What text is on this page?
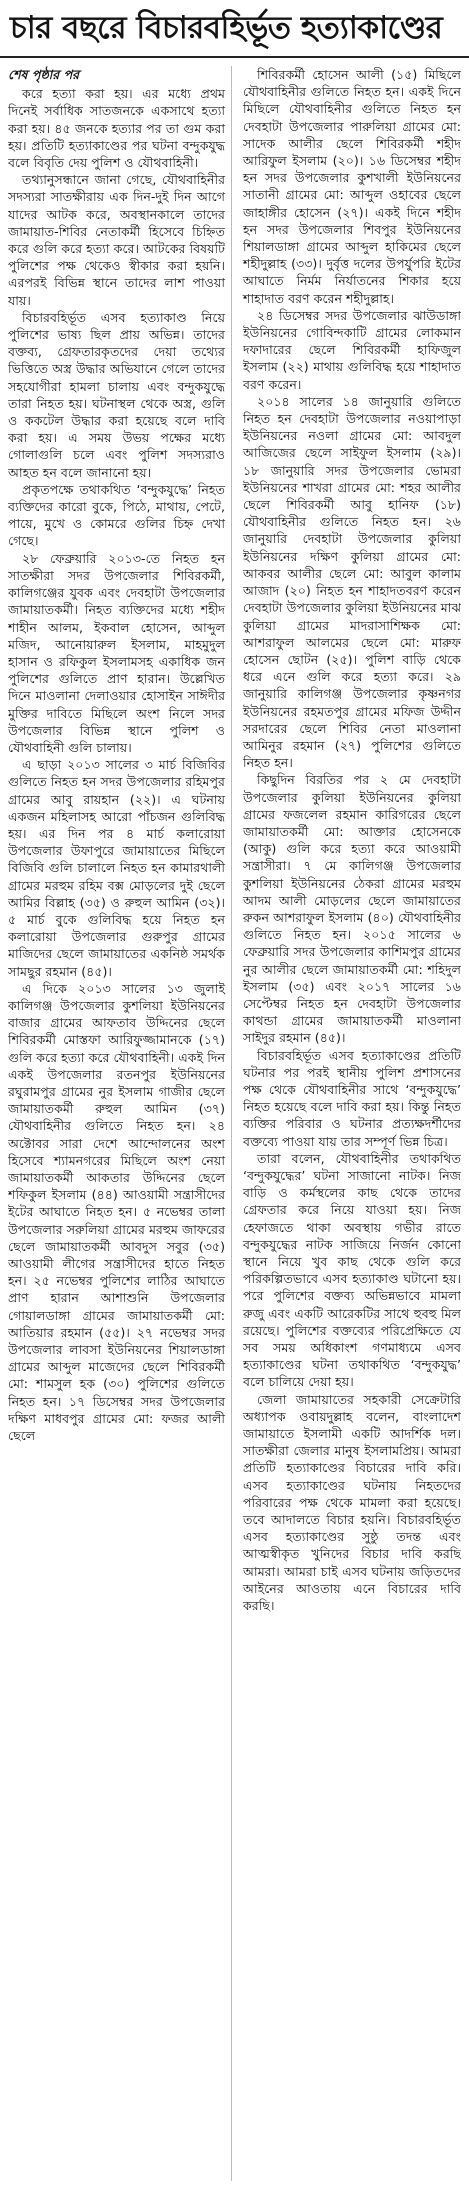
চার বছরে বিচারবহির্ভূত হত্যাকাণ্ডের
শেষ পৃষ্ঠার পর

করে হত্যা করা হয়। এর মধ্যে প্রথম দিনেই সর্বাধিক সাতজনকে একসাথে হত্যা করা হয়। ৪৫ জনকে হত্যার পর তা গুম করা হয়। প্রতিটি হত্যাকাণ্ডের পর ঘটনা বন্দুকযুদ্ধ বলে বিবৃতি দেয় পুলিশ ও যৌথবাহিনী।

তথ্যানুসন্ধানে জানা গেছে, যৌথবাহিনীর সদস্যরা সাতক্ষীরায় এক দিন-দুই দিন আগে যাদের আটক করে, অবস্থানকালে তাদের জামায়াত-শিবির নেতাকর্মী হিসেবে চিহ্নিত করে গুলি করে হত্যা করে। আটকের বিষয়টি পুলিশের পক্ষ থেকেও স্বীকার করা হয়নি। এরপরই বিভিন্ন স্থানে তাদের লাশ পাওয়া যায়।

বিচারবহির্ভূত এসব হত্যাকাণ্ড নিয়ে পুলিশের ভাষ্য ছিল প্রায় অভিন্ন। তাদের বক্তব্য, গ্রেফতারকৃতদের দেয়া তথ্যের ভিত্তিতে অস্ত্র উদ্ধার অভিযানে গেলে তাদের সহযোগীরা হামলা চালায় এবং বন্দুকযুদ্ধে তারা নিহত হয়। ঘটনাস্থল থেকে অস্ত্র, গুলি ও ককটেল উদ্ধার করা হয়েছে বলে দাবি করা হয়। এ সময় উভয় পক্ষের মধ্যে গোলাগুলি চলে এবং পুলিশ সদস্যরাও আহত হন বলে জানানো হয়।

প্রকৃতপক্ষে তথাকথিত ‘বন্দুকযুদ্ধে’ নিহত ব্যক্তিদের কারো বুকে, পিঠে, মাথায়, পেটে, পায়ে, মুখে ও কোমরে গুলির চিহ্ন দেখা গেছে।

২৮ ফেব্রুয়ারি ২০১৩-তে নিহত হন সাতক্ষীরা সদর উপজেলার শিবিরকর্মী, কালিগঞ্জের যুবক এবং দেবহাটা উপজেলার জামায়াতকর্মী। নিহত ব্যক্তিদের মধ্যে শহীদ শাহীন আলম, ইকবাল হোসেন, আব্দুল মজিদ, আনোয়ারুল ইসলাম, মাহমুদুল হাসান ও রফিকুল ইসলামসহ একাধিক জন পুলিশের গুলিতে প্রাণ হারান। উল্লেখিত দিনে মাওলানা দেলাওয়ার হোসাইন সাঈদীর মুক্তির দাবিতে মিছিলে অংশ নিলে সদর উপজেলার বিভিন্ন স্থানে পুলিশ ও যৌথবাহিনী গুলি চালায়।

এ ছাড়া ২০১৩ সালের ৩ মার্চ বিজিবির গুলিতে নিহত হন সদর উপজেলার রহিমপুর গ্রামের আবু রায়হান (২২)। এ ঘটনায় একজন মহিলাসহ আরো পাঁচজন গুলিবিদ্ধ হয়। এর দিন পর ৪ মার্চ কলারোয়া উপজেলার উফাপুরে জামায়াতের মিছিলে বিজিবি গুলি চালালে নিহত হন কামারথালী গ্রামের মরহুম রহিম বক্স মোড়লের দুই ছেলে আমির বিল্লাহ (৩৫) ও রুহুল আমিন (৩২)। ৫ মার্চ বুকে গুলিবিদ্ধ হয়ে নিহত হন কলারোয়া উপজেলার গুরুপুর গ্রামের মাজিদের ছেলে জামায়াতের একনিষ্ঠ সমর্থক সামছুর রহমান (৪৫)।

এ দিকে ২০১৩ সালের ১৩ জুলাই কালিগঞ্জ উপজেলার কুশলিয়া ইউনিয়নের বাজার গ্রামের আফতাব উদ্দিনের ছেলে শিবিরকর্মী মোস্তফা আরিফুজ্জামানকে (১৭) গুলি করে হত্যা করে যৌথবাহিনী। একই দিন একই উপজেলার রতনপুর ইউনিয়নের রঘুরামপুর গ্রামের নুর ইসলাম গাজীর ছেলে জামায়াতকর্মী রুহুল আমিন (৩৭) যৌথবাহিনীর গুলিতে নিহত হন। ২৪ অক্টোবর সারা দেশে আন্দোলনের অংশ হিসেবে শ্যামনগরের মিছিলে অংশ নেয়া জামায়াতকর্মী আকতার উদ্দিনের ছেলে শফিকুল ইসলাম (৪৪) আওয়ামী সন্ত্রাসীদের ইটের আঘাতে নিহত হন। ৫ নভেম্বর তালা উপজেলার সরুলিয়া গ্রামের মরহুম জাফরের ছেলে জামায়াতকর্মী আবদুস সবুর (৩৫) আওয়ামী লীগের সন্ত্রাসীদের হাতে নিহত হন। ২৫ নভেম্বর পুলিশের লাঠির আঘাতে প্রাণ হারান আশাশুনি উপজেলার গোয়ালডাঙ্গা গ্রামের জামায়াতকর্মী মো: আতিয়ার রহমান (৫৫)। ২৭ নভেম্বর সদর উপজেলার লাবসা ইউনিয়নের শিয়ালডাঙ্গা গ্রামের আব্দুল মাজেদের ছেলে শিবিরকর্মী মো: শামসুল হক (৩০) পুলিশের গুলিতে নিহত হন। ১৭ ডিসেম্বর সদর উপজেলার দক্ষিণ মাধবপুর গ্রামের মো: ফজর আলী ছেলে

শিবিরকর্মী হোসেন আলী (১৫) মিছিলে যৌথবাহিনীর গুলিতে নিহত হন। একই দিনে মিছিলে যৌথবাহিনীর গুলিতে নিহত হন দেবহাটা উপজেলার পারুলিয়া গ্রামের মো: সাদেক আলীর ছেলে শিবিরকর্মী শহীদ আরিফুল ইসলাম (২০)। ১৬ ডিসেম্বর শহীদ হন সদর উপজেলার কুশখালী ইউনিয়নের সাতানী গ্রামের মো: আব্দুল ওহাবের ছেলে জাহাঙ্গীর হোসেন (২৭)। একই দিনে শহীদ হন সদর উপজেলার শিবপুর ইউনিয়নের শিয়ালডাঙ্গা গ্রামের আব্দুল হাকিমের ছেলে শহীদুল্লাহ (৩৩)। দুর্বৃত্ত দলের উপর্যুপরি ইটের আঘাতে নির্মম নির্যাতনের শিকার হয়ে শাহাদাত বরণ করেন শহীদুল্লাহ।

২৪ ডিসেম্বর সদর উপজেলার ঝাউডাঙ্গা ইউনিয়নের গোবিন্দকাটি গ্রামের লোকমান দফাদারের ছেলে শিবিরকর্মী হাফিজুল ইসলাম (২২) মাথায় গুলিবিদ্ধ হয়ে শাহাদাত বরণ করেন।

২০১৪ সালের ১৪ জানুয়ারি গুলিতে নিহত হন দেবহাটা উপজেলার নওয়াপাড়া ইউনিয়নের নওলা গ্রামের মো: আবদুল আজিজের ছেলে সাইফুল ইসলাম (২৯)। ১৮ জানুয়ারি সদর উপজেলার ভোমরা ইউনিয়নের শাখরা গ্রামের মো: শহর আলীর ছেলে শিবিরকর্মী আবু হানিফ (১৮) যৌথবাহিনীর গুলিতে নিহত হন। ২৬ জানুয়ারি দেবহাটা উপজেলার কুলিয়া ইউনিয়নের দক্ষিণ কুলিয়া গ্রামের মো: আকবর আলীর ছেলে মো: আবুল কালাম আজাদ (২০) নিহত হন শাহাদতবরণ করেন দেবহাটা উপজেলার কুলিয়া ইউনিয়নের মাঝ কুলিয়া গ্রামের মাদরাসাশিক্ষক মো: আশরাফুল আলমের ছেলে মো: মারুফ হোসেন ছোটন (২৫)। পুলিশ বাড়ি থেকে ধরে এনে গুলি করে হত্যা করে। ২৯ জানুয়ারি কালিগঞ্জ উপজেলার কৃষ্ণনগর ইউনিয়নের রহমতপুর গ্রামের মফিজ উদ্দীন সরদারের ছেলে শিবির নেতা মাওলানা আমিনুর রহমান (২৭) পুলিশের গুলিতে নিহত হন।

কিছুদিন বিরতির পর ২ মে দেবহাটা উপজেলার কুলিয়া ইউনিয়নের কুলিয়া গ্রামের ফজলেল রহমান কারিগরের ছেলে জামায়াতকর্মী মো: আক্তার হোসেনকে (আকু) গুলি করে হত্যা করে আওয়ামী সন্ত্রাসীরা। ৭ মে কালিগঞ্জ উপজেলার কুশলিয়া ইউনিয়নের ঠেকরা গ্রামের মরহুম আদম আলী মোড়লের ছেলে জামায়াতের রুকন আশরাফুল ইসলাম (৪০) যৌথবাহিনীর গুলিতে নিহত হন। ২০১৫ সালের ৬ ফেব্রুয়ারি সদর উপজেলার কাশিমপুর গ্রামের নুর আলীর ছেলে জামায়াতকর্মী মো: শহিদুল ইসলাম (৩৫) এবং ২০১৭ সালের ১৬ সেপ্টেম্বর নিহত হন দেবহাটা উপজেলার কাথন্ডা গ্রামের জামায়াতকর্মী মাওলানা সাইদুর রহমান (৪৫)।

বিচারবহির্ভূত এসব হত্যাকাণ্ডের প্রতিটি ঘটনার পর পরই স্থানীয় পুলিশ প্রশাসনের পক্ষ থেকে যৌথবাহিনীর সাথে ‘বন্দুকযুদ্ধে’ নিহত হয়েছে বলে দাবি করা হয়। কিন্তু নিহত ব্যক্তির পরিবার ও ঘটনার প্রত্যক্ষদর্শীদের বক্তব্যে পাওয়া যায় তার সম্পূর্ণ ভিন্ন চিত্র।

তারা বলেন, যৌথবাহিনীর তথাকথিত ‘বন্দুকযুদ্ধের’ ঘটনা সাজানো নাটক। নিজ বাড়ি ও কর্মস্থলের কাছ থেকে তাদের গ্রেফতার করে নিয়ে যাওয়া হয়। নিজ হেফাজতে থাকা অবস্থায় গভীর রাতে বন্দুকযুদ্ধের নাটক সাজিয়ে নির্জন কোনো স্থানে নিয়ে খুব কাছ থেকে গুলি করে পরিকল্পিতভাবে এসব হত্যাকাণ্ড ঘটানো হয়। পরে পুলিশের বক্তব্য অভিন্নভাবে মামলা রুজু এবং একটি আরেকটির সাথে হুবহু মিল রয়েছে। পুলিশের বক্তব্যের পরিপ্রেক্ষিতে যে সব সময় অধিকাংশ গণমাধ্যমে এসব হত্যাকাণ্ডের ঘটনা তথাকথিত ‘বন্দুকযুদ্ধ’ বলে চালিয়ে দেয়া হয়।

জেলা জামায়াতের সহকারী সেক্রেটারি অধ্যাপক ওবায়দুল্লাহ বলেন, বাংলাদেশ জামায়াতে ইসলামী একটি আদর্শিক দল। সাতক্ষীরা জেলার মানুষ ইসলামপ্রিয়। আমরা প্রতিটি হত্যাকাণ্ডের বিচারের দাবি করি। এসব হত্যাকাণ্ডের ঘটনায় নিহতদের পরিবারের পক্ষ থেকে মামলা করা হয়েছে। তবে আদালতে বিচার হয়নি। বিচারবহির্ভূত এসব হত্যাকাণ্ডের সুষ্ঠু তদন্ত এবং আত্মস্বীকৃত খুনিদের বিচার দাবি করছি আমরা। আমরা চাই এসব ঘটনায় জড়িতদের আইনের আওতায় এনে বিচারের দাবি করছি।
